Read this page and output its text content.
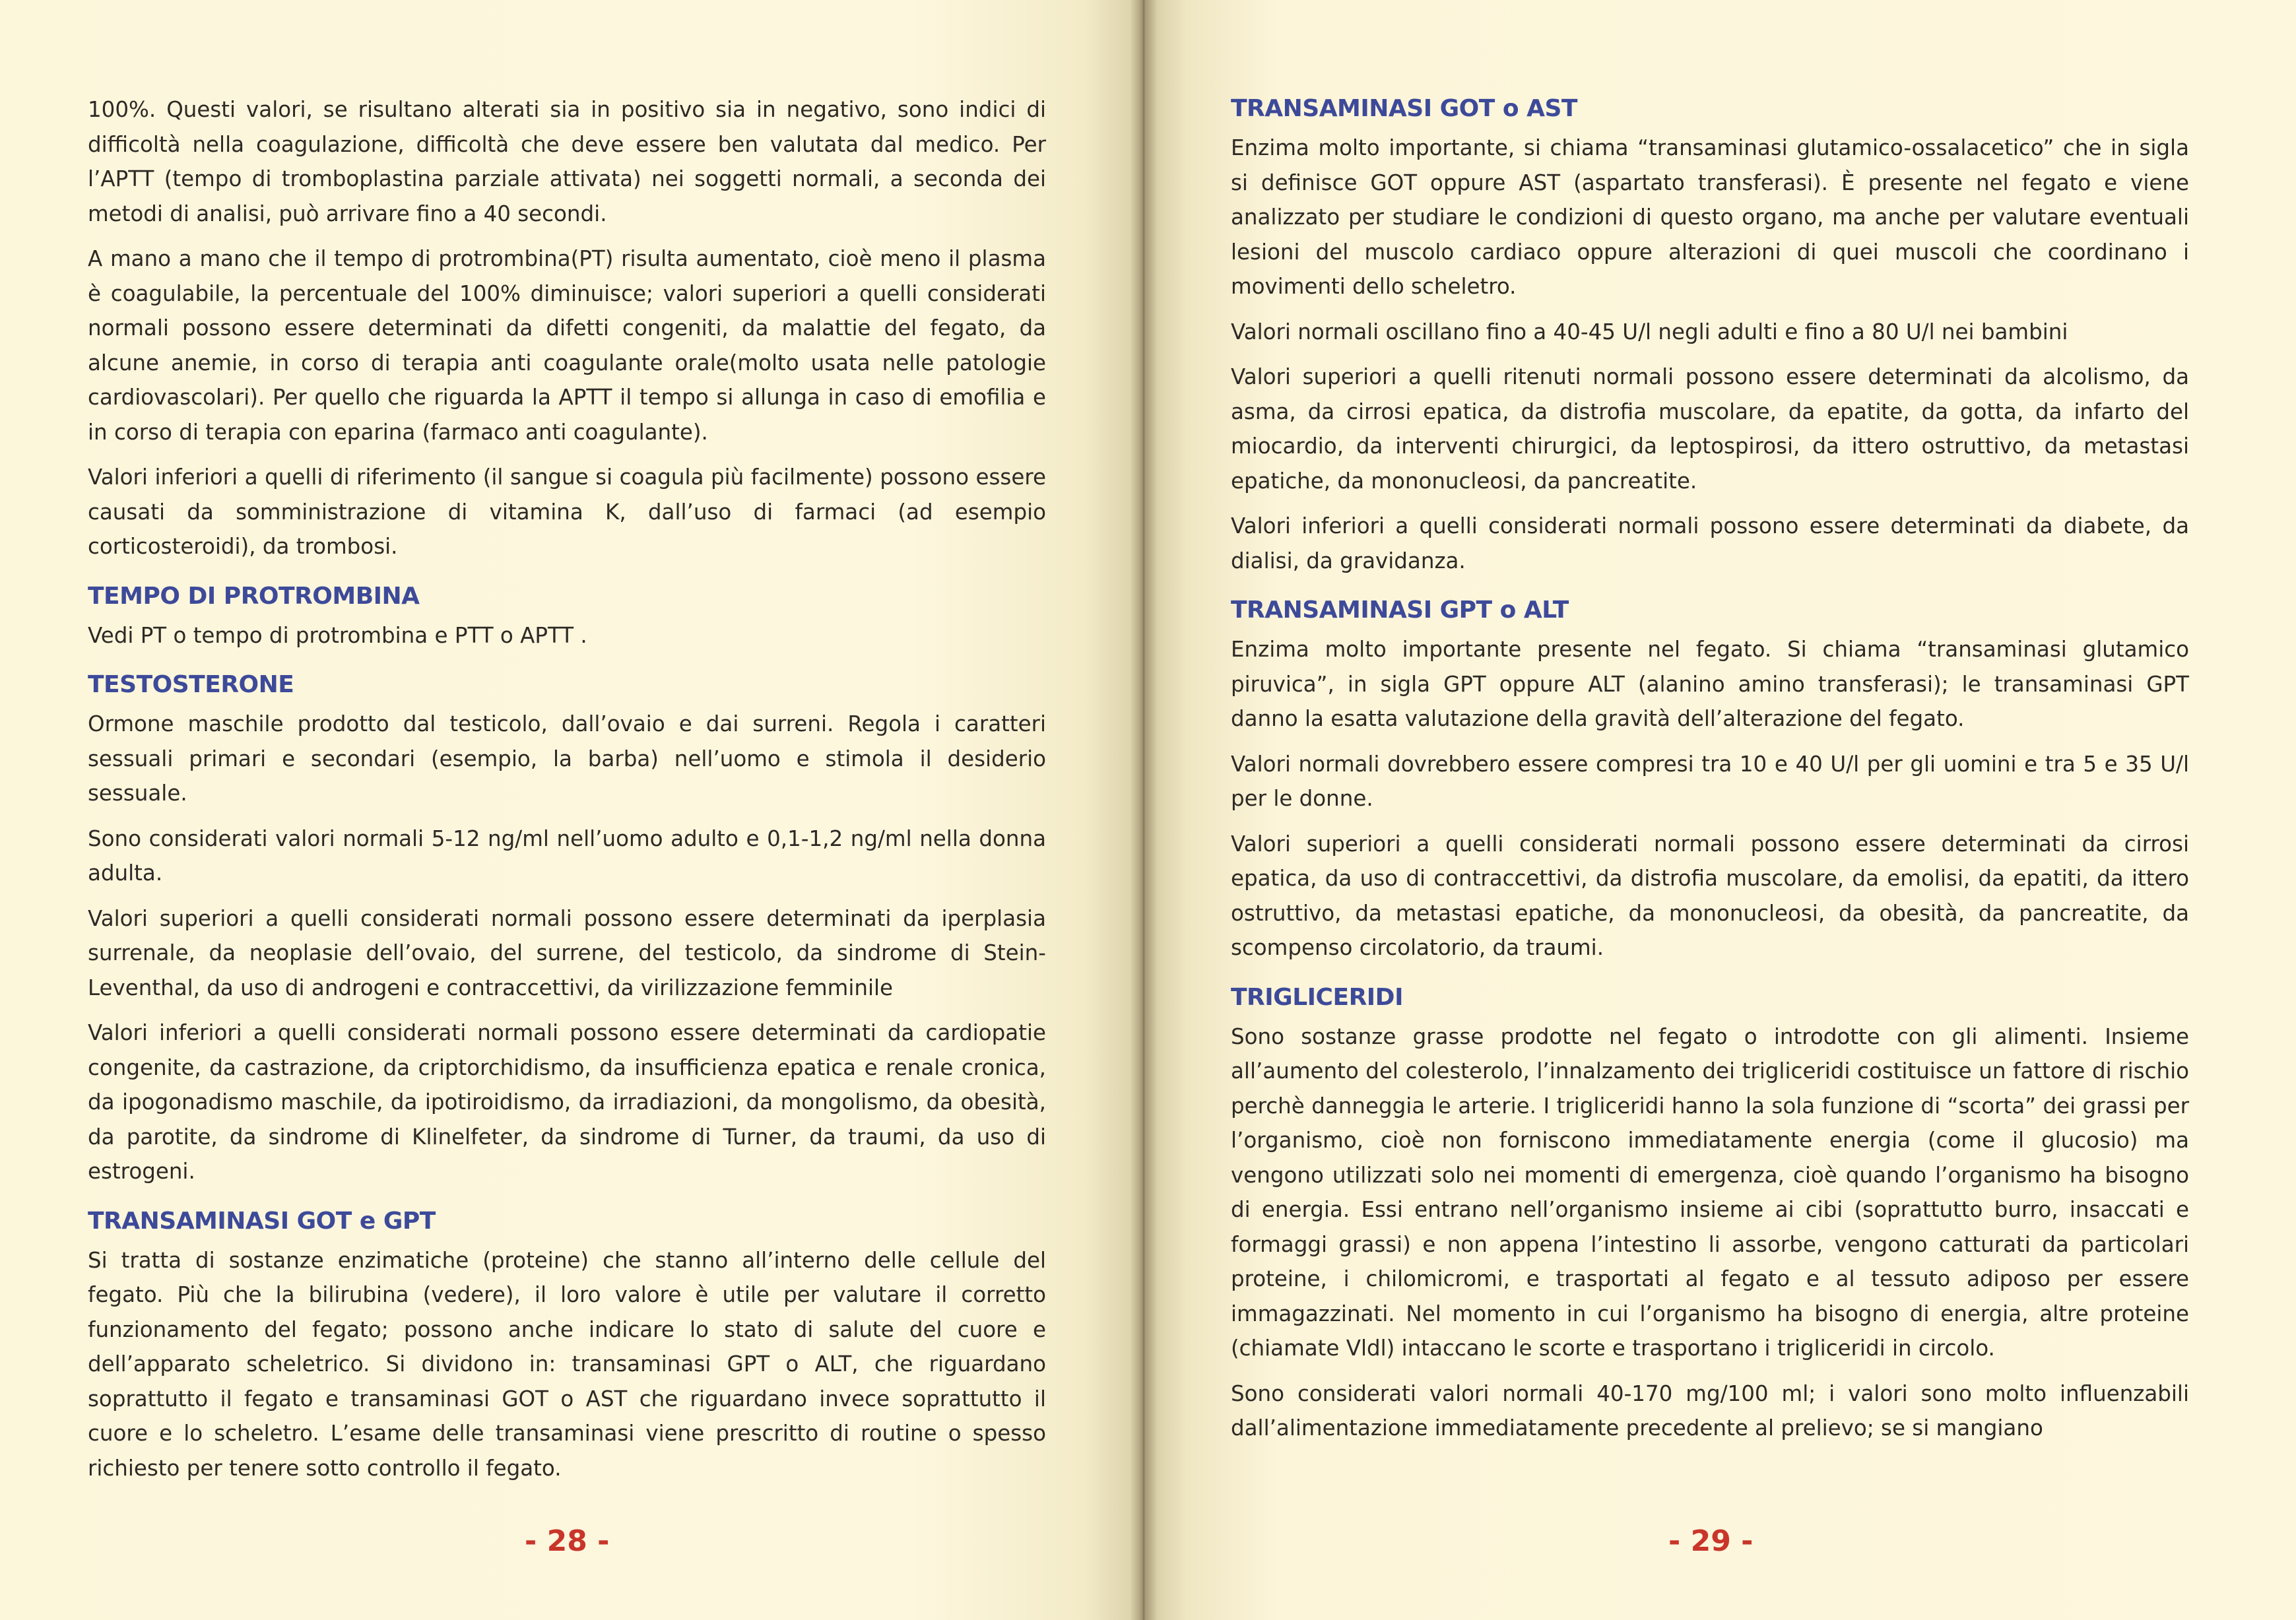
100%. Questi valori, se risultano alterati sia in positivo sia in negativo, sono indici di difficoltà nella coagulazione, difficoltà che deve essere ben valutata dal medico. Per l’APTT (tempo di tromboplastina parziale attivata) nei soggetti normali, a seconda dei metodi di analisi, può arrivare fino a 40 secondi.

A mano a mano che il tempo di protrombina(PT) risulta aumentato, cioè meno il plasma è coagulabile, la percentuale del 100% diminuisce; valori superiori a quelli considerati normali possono essere determinati da difetti congeniti, da malattie del fegato, da alcune anemie, in corso di terapia anti coagulante orale(molto usata nelle patologie cardiovascolari). Per quello che riguarda la APTT il tempo si allunga in caso di emofilia e in corso di terapia con eparina (farmaco anti coagulante).

Valori inferiori a quelli di riferimento (il sangue si coagula più facilmente) possono essere causati da somministrazione di vitamina K, dall’uso di farmaci (ad esempio corticosteroidi), da trombosi.

TEMPO DI PROTROMBINA

Vedi PT o tempo di protrombina e PTT o APTT .

TESTOSTERONE

Ormone maschile prodotto dal testicolo, dall’ovaio e dai surreni. Regola i caratteri sessuali primari e secondari (esempio, la barba) nell’uomo e stimola il desiderio sessuale.

Sono considerati valori normali 5-12 ng/ml nell’uomo adulto e 0,1-1,2 ng/ml nella donna adulta.

Valori superiori a quelli considerati normali possono essere determinati da iperplasia surrenale, da neoplasie dell’ovaio, del surrene, del testicolo, da sindrome di Stein-Leventhal, da uso di androgeni e contraccettivi, da virilizzazione femminile

Valori inferiori a quelli considerati normali possono essere determinati da cardiopatie congenite, da castrazione, da criptorchidismo, da insufficienza epatica e renale cronica, da ipogonadismo maschile, da ipotiroidismo, da irradiazioni, da mongolismo, da obesità, da parotite, da sindrome di Klinelfeter, da sindrome di Turner, da traumi, da uso di estrogeni.

TRANSAMINASI GOT e GPT

Si tratta di sostanze enzimatiche (proteine) che stanno all’interno delle cellule del fegato. Più che la bilirubina (vedere), il loro valore è utile per valutare il corretto funzionamento del fegato; possono anche indicare lo stato di salute del cuore e dell’apparato scheletrico. Si dividono in: transaminasi GPT o ALT, che riguardano soprattutto il fegato e transaminasi GOT o AST che riguardano invece soprattutto il cuore e lo scheletro. L’esame delle transaminasi viene prescritto di routine o spesso richiesto per tenere sotto controllo il fegato.

- 28 -
TRANSAMINASI GOT o AST

Enzima molto importante, si chiama “transaminasi glutamico-ossalacetico” che in sigla si definisce GOT oppure AST (aspartato transferasi). È presente nel fegato e viene analizzato per studiare le condizioni di questo organo, ma anche per valutare eventuali lesioni del muscolo cardiaco oppure alterazioni di quei muscoli che coordinano i movimenti dello scheletro.

Valori normali oscillano fino a 40-45 U/l negli adulti e fino a 80 U/l nei bambini

Valori superiori a quelli ritenuti normali possono essere determinati da alcolismo, da asma, da cirrosi epatica, da distrofia muscolare, da epatite, da gotta, da infarto del miocardio, da interventi chirurgici, da leptospirosi, da ittero ostruttivo, da metastasi epatiche, da mononucleosi, da pancreatite.

Valori inferiori a quelli considerati normali possono essere determinati da diabete, da dialisi, da gravidanza.

TRANSAMINASI GPT o ALT

Enzima molto importante presente nel fegato. Si chiama “transaminasi glutamico piruvica”, in sigla GPT oppure ALT (alanino amino transferasi); le transaminasi GPT danno la esatta valutazione della gravità dell’alterazione del fegato.

Valori normali dovrebbero essere compresi tra 10 e 40 U/l per gli uomini e tra 5 e 35 U/l per le donne.

Valori superiori a quelli considerati normali possono essere determinati da cirrosi epatica, da uso di contraccettivi, da distrofia muscolare, da emolisi, da epatiti, da ittero ostruttivo, da metastasi epatiche, da mononucleosi, da obesità, da pancreatite, da scompenso circolatorio, da traumi.

TRIGLICERIDI

Sono sostanze grasse prodotte nel fegato o introdotte con gli alimenti. Insieme all’aumento del colesterolo, l’innalzamento dei trigliceridi costituisce un fattore di rischio perchè danneggia le arterie. I trigliceridi hanno la sola funzione di “scorta” dei grassi per l’organismo, cioè non forniscono immediatamente energia (come il glucosio) ma vengono utilizzati solo nei momenti di emergenza, cioè quando l’organismo ha bisogno di energia. Essi entrano nell’organismo insieme ai cibi (soprattutto burro, insaccati e formaggi grassi) e non appena l’intestino li assorbe, vengono catturati da particolari proteine, i chilomicromi, e trasportati al fegato e al tessuto adiposo per essere immagazzinati. Nel momento in cui l’organismo ha bisogno di energia, altre proteine (chiamate Vldl) intaccano le scorte e trasportano i trigliceridi in circolo.

Sono considerati valori normali 40-170 mg/100 ml; i valori sono molto influenzabili dall’alimentazione immediatamente precedente al prelievo; se si mangiano

- 29 -
